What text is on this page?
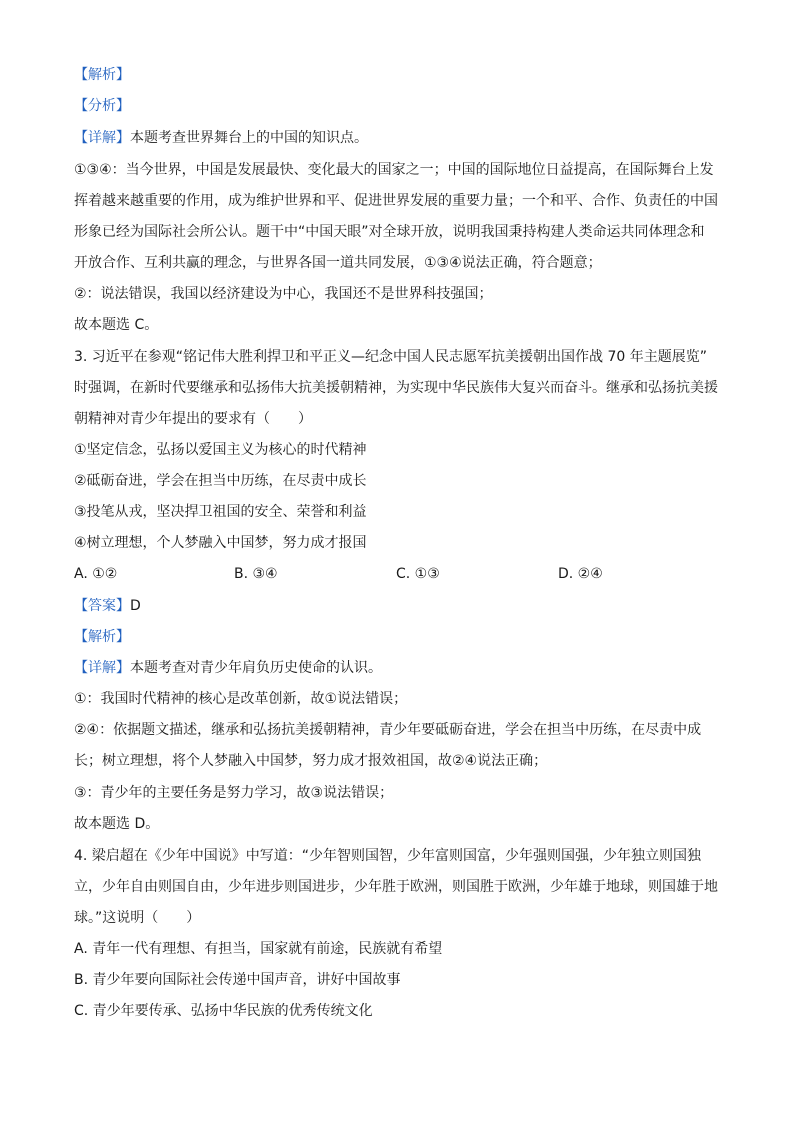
【解析】
【分析】
【详解】本题考查世界舞台上的中国的知识点。
①③④：当今世界，中国是发展最快、变化最大的国家之一；中国的国际地位日益提高，在国际舞台上发
挥着越来越重要的作用，成为维护世界和平、促进世界发展的重要力量；一个和平、合作、负责任的中国
形象已经为国际社会所公认。题干中“中国天眼”对全球开放，说明我国秉持构建人类命运共同体理念和
开放合作、互利共赢的理念，与世界各国一道共同发展，①③④说法正确，符合题意；
②：说法错误，我国以经济建设为中心，我国还不是世界科技强国；
故本题选 C。
3. 习近平在参观“铭记伟大胜利捍卫和平正义—纪念中国人民志愿军抗美援朝出国作战 70 年主题展览”
时强调，在新时代要继承和弘扬伟大抗美援朝精神，为实现中华民族伟大复兴而奋斗。继承和弘扬抗美援
朝精神对青少年提出的要求有（　　）
①坚定信念，弘扬以爱国主义为核心的时代精神
②砥砺奋进，学会在担当中历练，在尽责中成长
③投笔从戎，坚决捍卫祖国的安全、荣誉和利益
④树立理想，个人梦融入中国梦，努力成才报国
A. ①②	B. ③④	C. ①③	D. ②④
【答案】D
【解析】
【详解】本题考查对青少年肩负历史使命的认识。
①：我国时代精神的核心是改革创新，故①说法错误；
②④：依据题文描述，继承和弘扬抗美援朝精神，青少年要砥砺奋进，学会在担当中历练，在尽责中成
长；树立理想，将个人梦融入中国梦，努力成才报效祖国，故②④说法正确；
③：青少年的主要任务是努力学习，故③说法错误；
故本题选 D。
4. 梁启超在《少年中国说》中写道：“少年智则国智，少年富则国富，少年强则国强，少年独立则国独
立，少年自由则国自由，少年进步则国进步，少年胜于欧洲，则国胜于欧洲，少年雄于地球，则国雄于地
球。”这说明（　　）
A. 青年一代有理想、有担当，国家就有前途，民族就有希望
B. 青少年要向国际社会传递中国声音，讲好中国故事
C. 青少年要传承、弘扬中华民族的优秀传统文化
